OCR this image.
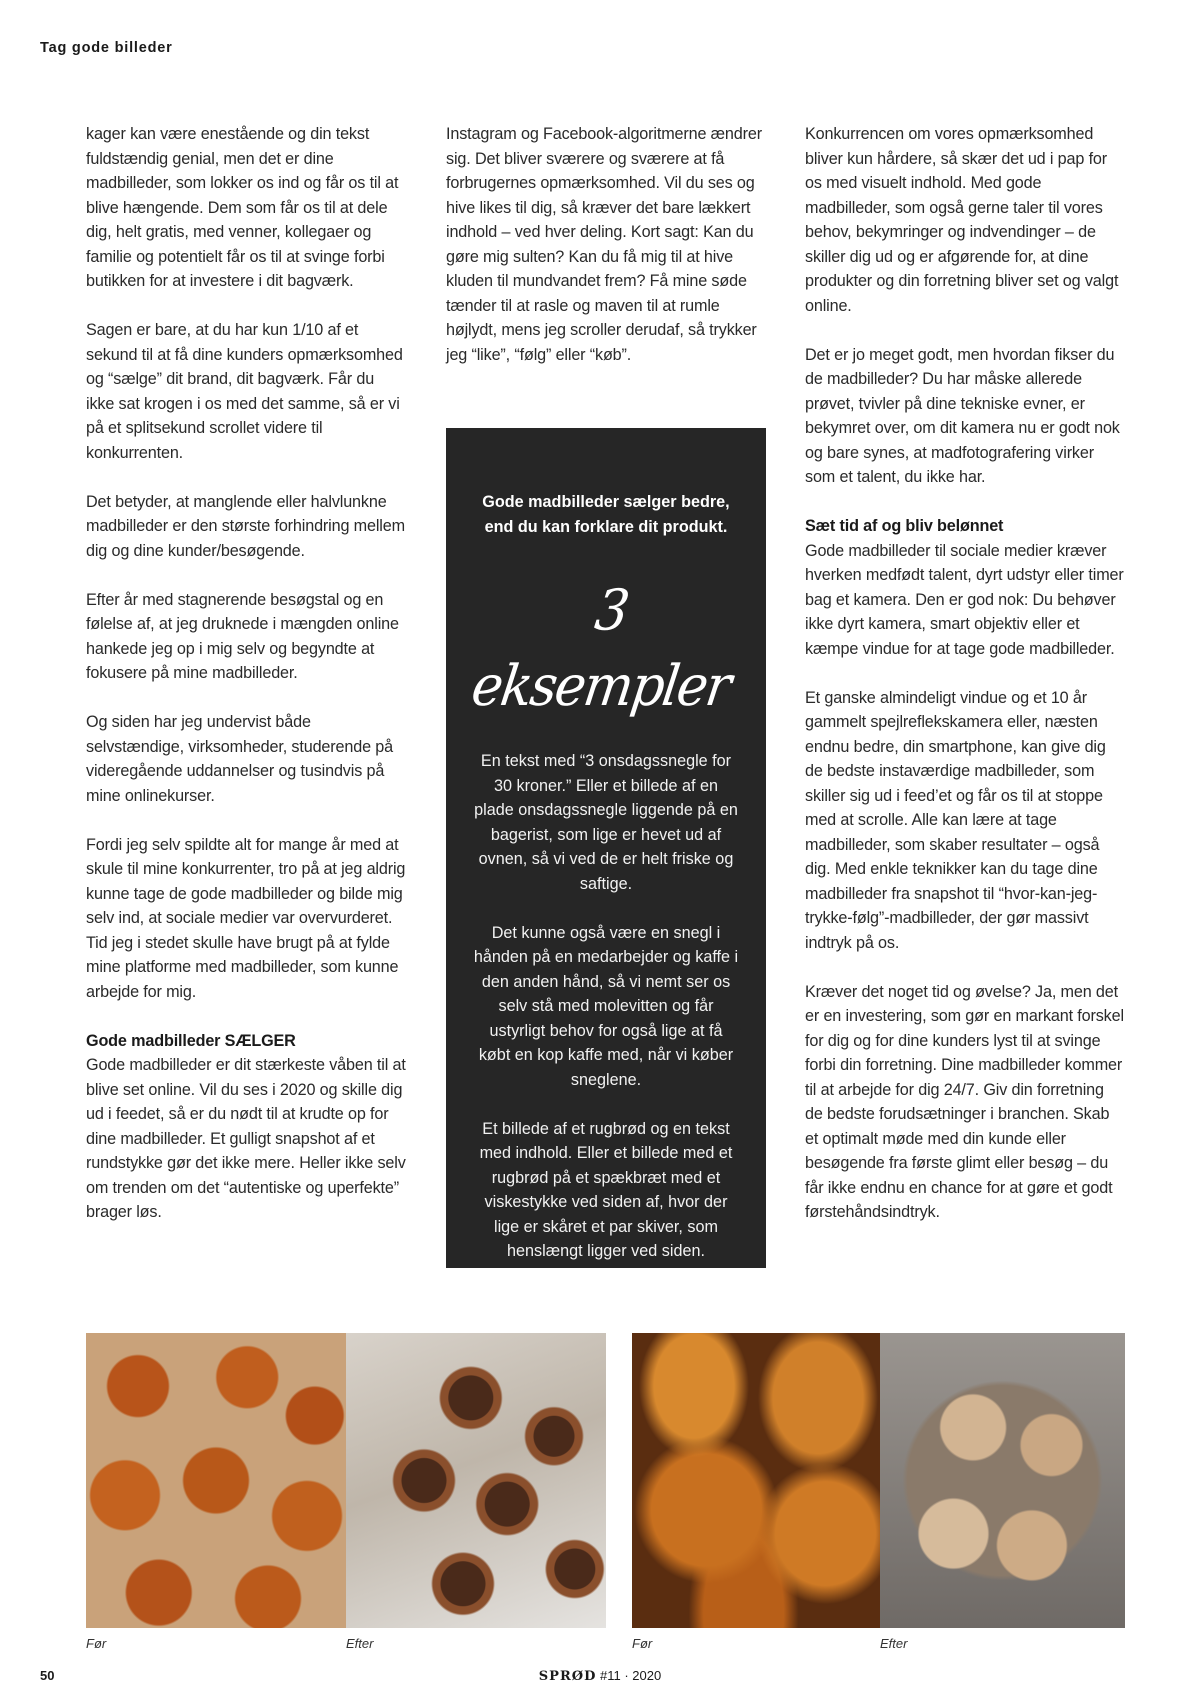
Tag gode billeder

kager kan være enestående og din tekst fuldstændig genial, men det er dine madbilleder, som lokker os ind og får os til at blive hængende. Dem som får os til at dele dig, helt gratis, med venner, kollegaer og familie og potentielt får os til at svinge forbi butikken for at investere i dit bagværk.

Sagen er bare, at du har kun 1/10 af et sekund til at få dine kunders opmærksomhed og “sælge” dit brand, dit bagværk. Får du ikke sat krogen i os med det samme, så er vi på et splitsekund scrollet videre til konkurrenten.

Det betyder, at manglende eller halvlunkne madbilleder er den største forhindring mellem dig og dine kunder/besøgende.

Efter år med stagnerende besøgstal og en følelse af, at jeg druknede i mængden online hankede jeg op i mig selv og begyndte at fokusere på mine madbilleder.

Og siden har jeg undervist både selvstændige, virksomheder, studerende på videregående uddannelser og tusindvis på mine onlinekurser.

Fordi jeg selv spildte alt for mange år med at skule til mine konkurrenter, tro på at jeg aldrig kunne tage de gode madbilleder og bilde mig selv ind, at sociale medier var overvurderet. Tid jeg i stedet skulle have brugt på at fylde mine platforme med madbilleder, som kunne arbejde for mig.

Gode madbilleder SÆLGER

Gode madbilleder er dit stærkeste våben til at blive set online. Vil du ses i 2020 og skille dig ud i feedet, så er du nødt til at krudte op for dine madbilleder. Et gulligt snapshot af et rundstykke gør det ikke mere. Heller ikke selv om trenden om det “autentiske og uperfekte” brager løs.

Instagram og Facebook-algoritmerne ændrer sig. Det bliver sværere og sværere at få forbrugernes opmærksomhed. Vil du ses og hive likes til dig, så kræver det bare lækkert indhold – ved hver deling. Kort sagt: Kan du gøre mig sulten? Kan du få mig til at hive kluden til mundvandet frem? Få mine søde tænder til at rasle og maven til at rumle højlydt, mens jeg scroller derudaf, så trykker jeg “like”, “følg” eller “køb”.

Gode madbilleder sælger bedre, end du kan forklare dit produkt.
3 eksempler

En tekst med “3 onsdagssnegle for 30 kroner.” Eller et billede af en plade onsdagssnegle liggende på en bagerist, som lige er hevet ud af ovnen, så vi ved de er helt friske og saftige.

Det kunne også være en snegl i hånden på en medarbejder og kaffe i den anden hånd, så vi nemt ser os selv stå med molevitten og får ustyrligt behov for også lige at få købt en kop kaffe med, når vi køber sneglene.

Et billede af et rugbrød og en tekst med indhold. Eller et billede med et rugbrød på et spækbræt med et viskestykke ved siden af, hvor der lige er skåret et par skiver, som henslængt ligger ved siden.

Konkurrencen om vores opmærksomhed bliver kun hårdere, så skær det ud i pap for os med visuelt indhold. Med gode madbilleder, som også gerne taler til vores behov, bekymringer og indvendinger – de skiller dig ud og er afgørende for, at dine produkter og din forretning bliver set og valgt online.

Det er jo meget godt, men hvordan fikser du de madbilleder? Du har måske allerede prøvet, tvivler på dine tekniske evner, er bekymret over, om dit kamera nu er godt nok og bare synes, at madfotografering virker som et talent, du ikke har.

Sæt tid af og bliv belønnet

Gode madbilleder til sociale medier kræver hverken medfødt talent, dyrt udstyr eller timer bag et kamera. Den er god nok: Du behøver ikke dyrt kamera, smart objektiv eller et kæmpe vindue for at tage gode madbilleder.

Et ganske almindeligt vindue og et 10 år gammelt spejlreflekskamera eller, næsten endnu bedre, din smartphone, kan give dig de bedste instaværdige madbilleder, som skiller sig ud i feed’et og får os til at stoppe med at scrolle. Alle kan lære at tage madbilleder, som skaber resultater – også dig. Med enkle teknikker kan du tage dine madbilleder fra snapshot til “hvor-kan-jeg-trykke-følg”-madbilleder, der gør massivt indtryk på os.

Kræver det noget tid og øvelse? Ja, men det er en investering, som gør en markant forskel for dig og for dine kunders lyst til at svinge forbi din forretning. Dine madbilleder kommer til at arbejde for dig 24/7. Giv din forretning de bedste forudsætninger i branchen. Skab et optimalt møde med din kunde eller besøgende fra første glimt eller besøg – du får ikke endnu en chance for at gøre et godt førstehåndsindtryk.

Før	Efter	Før	Efter
50	SPRØD #11 · 2020
